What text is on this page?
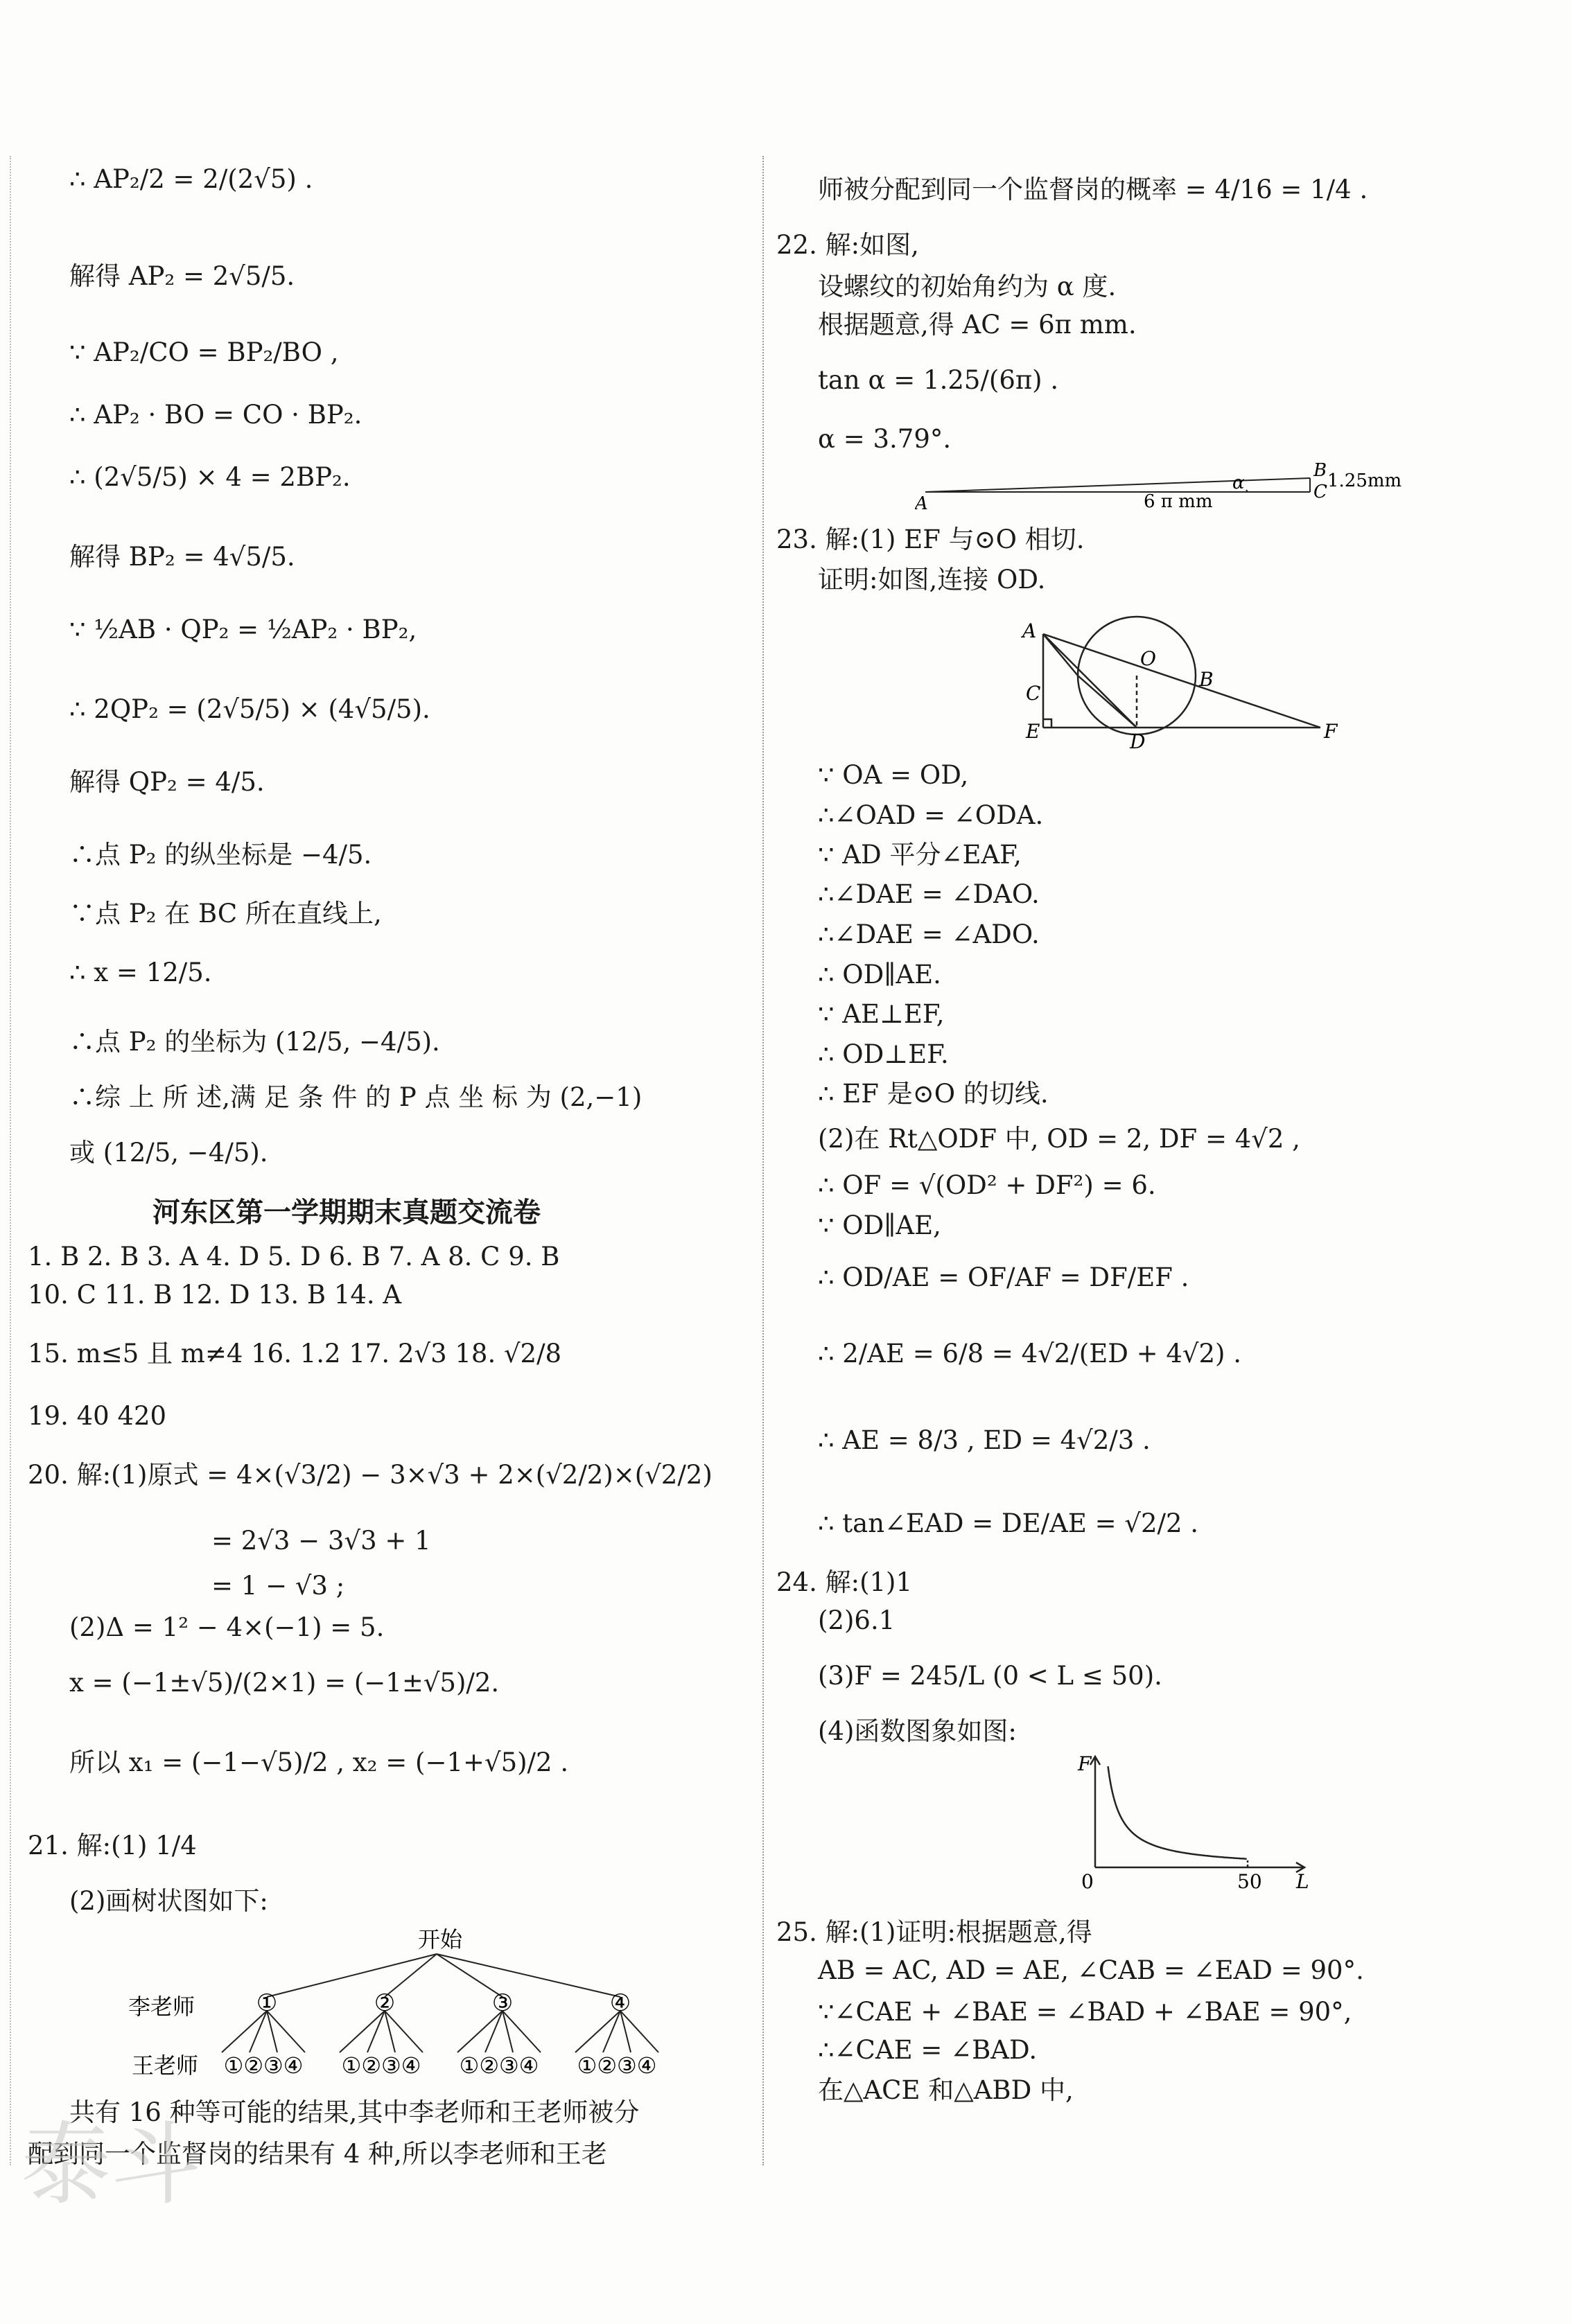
∴ AP₂/2 = 2/(2√5) .
解得 AP₂ = 2√5/5.
∵ AP₂/CO = BP₂/BO ,
∴ AP₂ · BO = CO · BP₂.
∴ (2√5/5) × 4 = 2BP₂.
解得 BP₂ = 4√5/5.
∵ ½AB · QP₂ = ½AP₂ · BP₂,
∴ 2QP₂ = (2√5/5) × (4√5/5).
解得 QP₂ = 4/5.
∴点 P₂ 的纵坐标是 −4/5.
∵点 P₂ 在 BC 所在直线上,
∴ x = 12/5.
∴点 P₂ 的坐标为 (12/5, −4/5).
∴综 上 所 述,满 足 条 件 的 P 点 坐 标 为 (2,−1)
或 (12/5, −4/5).
河东区第一学期期末真题交流卷
1. B 2. B 3. A 4. D 5. D 6. B 7. A 8. C 9. B
10. C 11. B 12. D 13. B 14. A
15. m≤5 且 m≠4 16. 1.2 17. 2√3 18. √2/8
19. 40 420
20. 解:(1)原式 = 4×(√3/2) − 3×√3 + 2×(√2/2)×(√2/2)
= 2√3 − 3√3 + 1
= 1 − √3 ;
(2)Δ = 1² − 4×(−1) = 5.
x = (−1±√5)/(2×1) = (−1±√5)/2.
所以 x₁ = (−1−√5)/2 , x₂ = (−1+√5)/2 .
21. 解:(1) 1/4
(2)画树状图如下:
开始
李老师	①	②	③	④
王老师 ①②③④ ①②③④ ①②③④ ①②③④
共有 16 种等可能的结果,其中李老师和王老师被分
配到同一个监督岗的结果有 4 种,所以李老师和王老
泰斗
师被分配到同一个监督岗的概率 = 4/16 = 1/4 .
22. 解:如图,
设螺纹的初始角约为 α 度.
根据题意,得 AC = 6π mm.
tan α = 1.25/(6π) .
α = 3.79°.
A
B
C
α
6 π mm
1.25mm
23. 解:(1) EF 与⊙O 相切.
证明:如图,连接 OD.
A
O
B
C
E	D	F
∵ OA = OD,
∴∠OAD = ∠ODA.
∵ AD 平分∠EAF,
∴∠DAE = ∠DAO.
∴∠DAE = ∠ADO.
∴ OD∥AE.
∵ AE⊥EF,
∴ OD⊥EF.
∴ EF 是⊙O 的切线.
(2)在 Rt△ODF 中, OD = 2, DF = 4√2 ,
∴ OF = √(OD² + DF²) = 6.
∵ OD∥AE,
∴ OD/AE = OF/AF = DF/EF .
∴ 2/AE = 6/8 = 4√2/(ED + 4√2) .
∴ AE = 8/3 , ED = 4√2/3 .
∴ tan∠EAD = DE/AE = √2/2 .
24. 解:(1)1
(2)6.1
(3)F = 245/L (0 < L ≤ 50).
(4)函数图象如图:
F
0	50 L
25. 解:(1)证明:根据题意,得
AB = AC, AD = AE, ∠CAB = ∠EAD = 90°.
∵∠CAE + ∠BAE = ∠BAD + ∠BAE = 90°,
∴∠CAE = ∠BAD.
在△ACE 和△ABD 中,
